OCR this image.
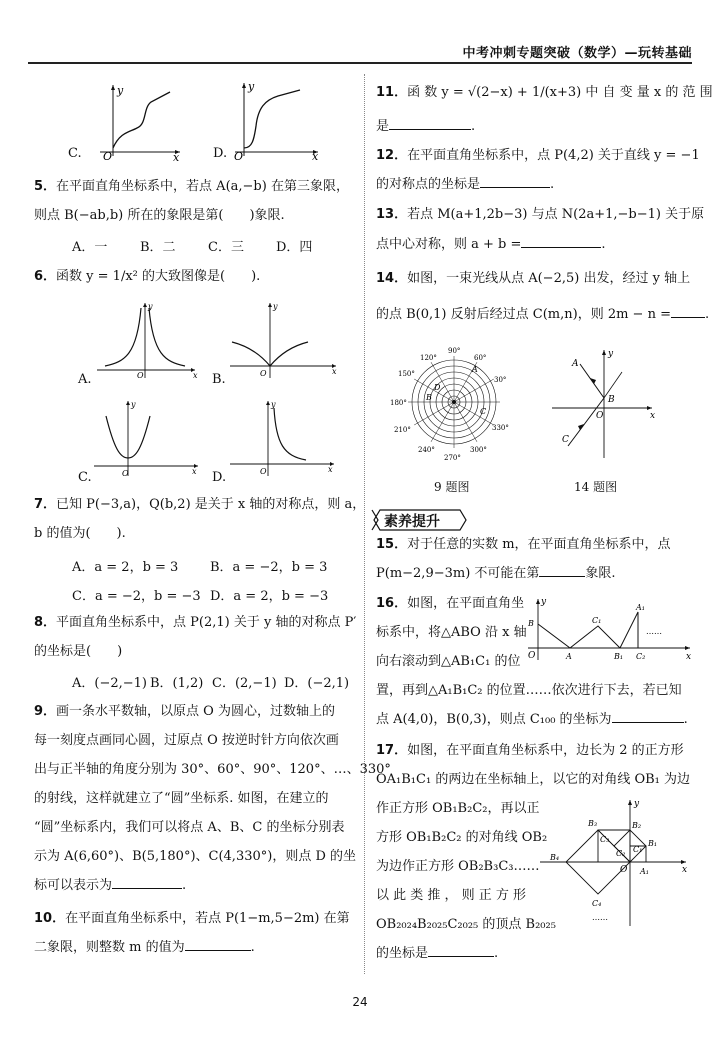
中考冲刺专题突破（数学）—玩转基础
C.
y
O	x	D.
y
O	x
5．在平面直角坐标系中，若点 A(a,−b) 在第三象限，
则点 B(−ab,b) 所在的象限是第(　　)象限.
A．一	B．二 C．三 D．四
6．函数 y = 1/x² 的大致图像是(　　).
A.
y
O	x B.
y
O	x
C.
y
O	x D.
y
O	x
7．已知 P(−3,a)，Q(b,2) 是关于 x 轴的对称点，则 a，
b 的值为(　　).
A．a = 2，b = 3 B．a = −2，b = 3
C．a = −2，b = −3 D．a = 2，b = −3
8．平面直角坐标系中，点 P(2,1) 关于 y 轴的对称点 P′
的坐标是(　　)
A．(−2,−1) B．(1,2) C．(2,−1) D．(−2,1)
9．画一条水平数轴，以原点 O 为圆心，过数轴上的
每一刻度点画同心圆，过原点 O 按逆时针方向依次画
出与正半轴的角度分别为 30°、60°、90°、120°、…、330°
的射线，这样就建立了“圆”坐标系. 如图，在建立的
“圆”坐标系内，我们可以将点 A、B、C 的坐标分别表
示为 A(6,60°)、B(5,180°)、C(4,330°)，则点 D 的坐
标可以表示为	.
10．在平面直角坐标系中，若点 P(1−m,5−2m) 在第
二象限，则整数 m 的值为	.
11．函 数 y = √(2−x) + 1/(x+3) 中 自 变 量 x 的 范 围
是	.
12．在平面直角坐标系中，点 P(4,2) 关于直线 y = −1
的对称点的坐标是	.
13．若点 M(a+1,2b−3) 与点 N(2a+1,−b−1) 关于原
点中心对称，则 a + b =	.
14．如图，一束光线从点 A(−2,5) 出发，经过 y 轴上
的点 B(0,1) 反射后经过点 C(m,n)，则 2m − n =	.
90°
60°
30°
120°
150°
180°
210°
240°
270°
300°
330°
A
B
C
D
9 题图
y
x
O
A
B
C
14 题图
素养提升
15．对于任意的实数 m，在平面直角坐标系中，点
P(m−2,9−3m) 不可能在第	象限.
16．如图，在平面直角坐
标系中，将△ABO 沿 x 轴
向右滚动到△AB₁C₁ 的位
置，再到△A₁B₁C₂ 的位置……依次进行下去，若已知
点 A(4,0)，B(0,3)，则点 C₁₀₀ 的坐标为	.
y
x
O
B
A
C₁
B₁
A₁
C₂
……
17．如图，在平面直角坐标系中，边长为 2 的正方形
OA₁B₁C₁ 的两边在坐标轴上，以它的对角线 OB₁ 为边
作正方形 OB₁B₂C₂，再以正
方形 OB₁B₂C₂ 的对角线 OB₂
为边作正方形 OB₂B₃C₃……
以 此 类 推 ， 则 正 方 形
OB₂₀₂₄B₂₀₂₅C₂₀₂₅ 的顶点 B₂₀₂₅
的坐标是	.
y
x
O
B₃	B₂
C₃
C₂ C₁
B₁
B₄
A₁
C₄
……
24
